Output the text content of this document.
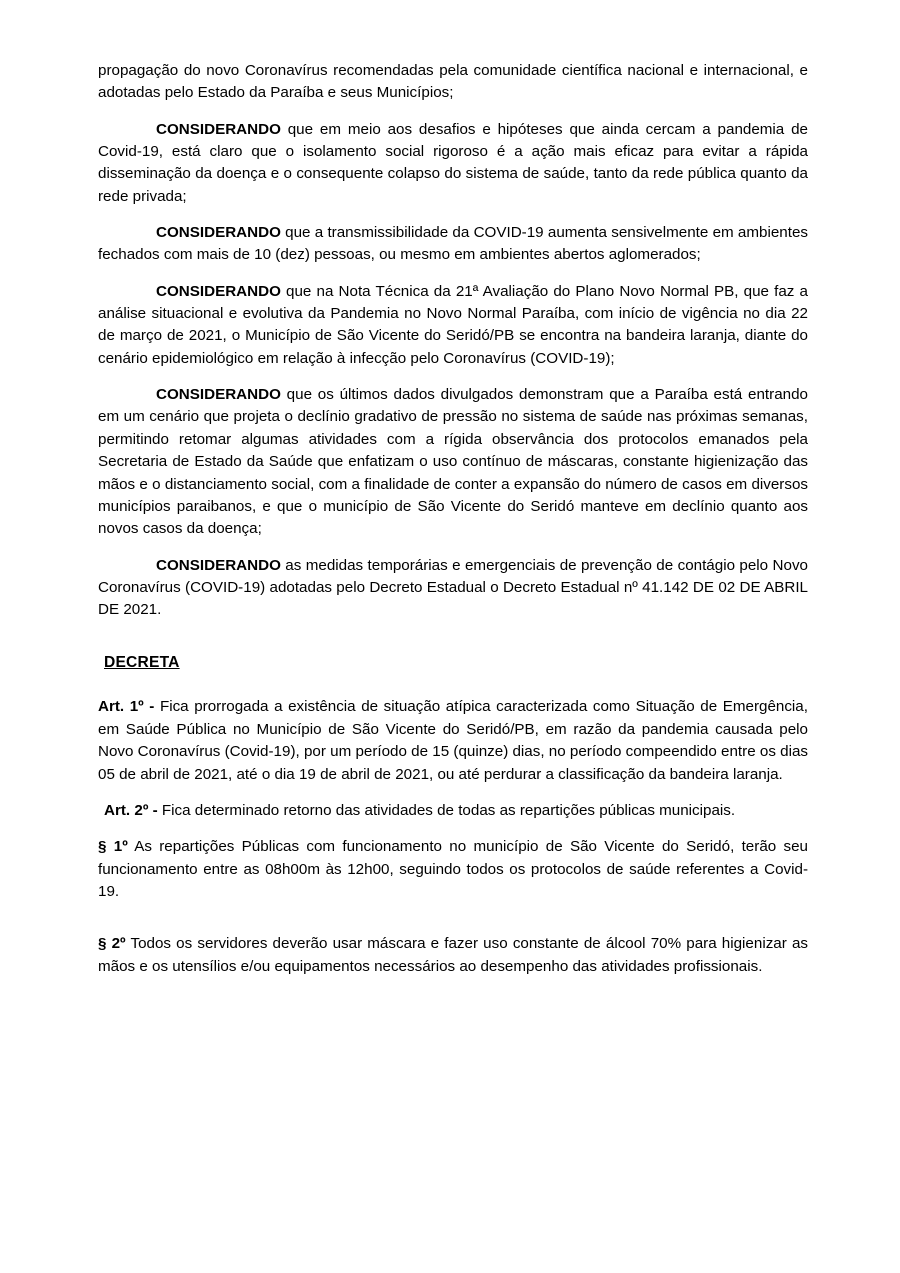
propagação do novo Coronavírus recomendadas pela comunidade científica nacional e internacional, e adotadas pelo Estado da Paraíba e seus Municípios;

CONSIDERANDO que em meio aos desafios e hipóteses que ainda cercam a pandemia de Covid-19, está claro que o isolamento social rigoroso é a ação mais eficaz para evitar a rápida disseminação da doença e o consequente colapso do sistema de saúde, tanto da rede pública quanto da rede privada;

CONSIDERANDO que a transmissibilidade da COVID-19 aumenta sensivelmente em ambientes fechados com mais de 10 (dez) pessoas, ou mesmo em ambientes abertos aglomerados;

CONSIDERANDO que na Nota Técnica da 21ª Avaliação do Plano Novo Normal PB, que faz a análise situacional e evolutiva da Pandemia no Novo Normal Paraíba, com início de vigência no dia 22 de março de 2021, o Município de São Vicente do Seridó/PB se encontra na bandeira laranja, diante do cenário epidemiológico em relação à infecção pelo Coronavírus (COVID-19);

CONSIDERANDO que os últimos dados divulgados demonstram que a Paraíba está entrando em um cenário que projeta o declínio gradativo de pressão no sistema de saúde nas próximas semanas, permitindo retomar algumas atividades com a rígida observância dos protocolos emanados pela Secretaria de Estado da Saúde que enfatizam o uso contínuo de máscaras, constante higienização das mãos e o distanciamento social, com a finalidade de conter a expansão do número de casos em diversos municípios paraibanos, e que o município de São Vicente do Seridó manteve em declínio quanto aos novos casos da doença;

CONSIDERANDO as medidas temporárias e emergenciais de prevenção de contágio pelo Novo Coronavírus (COVID-19) adotadas pelo Decreto Estadual o Decreto Estadual nº 41.142 DE 02 DE ABRIL DE 2021.

DECRETA

Art. 1º - Fica prorrogada a existência de situação atípica caracterizada como Situação de Emergência, em Saúde Pública no Município de São Vicente do Seridó/PB, em razão da pandemia causada pelo Novo Coronavírus (Covid-19), por um período de 15 (quinze) dias, no período compeendido entre os dias 05 de abril de 2021, até o dia 19 de abril de 2021, ou até perdurar a classificação da bandeira laranja.

Art. 2º - Fica determinado retorno das atividades de todas as repartições públicas municipais.

§ 1º As repartições Públicas com funcionamento no município de São Vicente do Seridó, terão seu funcionamento entre as 08h00m às 12h00, seguindo todos os protocolos de saúde referentes a Covid-19.

§ 2º Todos os servidores deverão usar máscara e fazer uso constante de álcool 70% para higienizar as mãos e os utensílios e/ou equipamentos necessários ao desempenho das atividades profissionais.
